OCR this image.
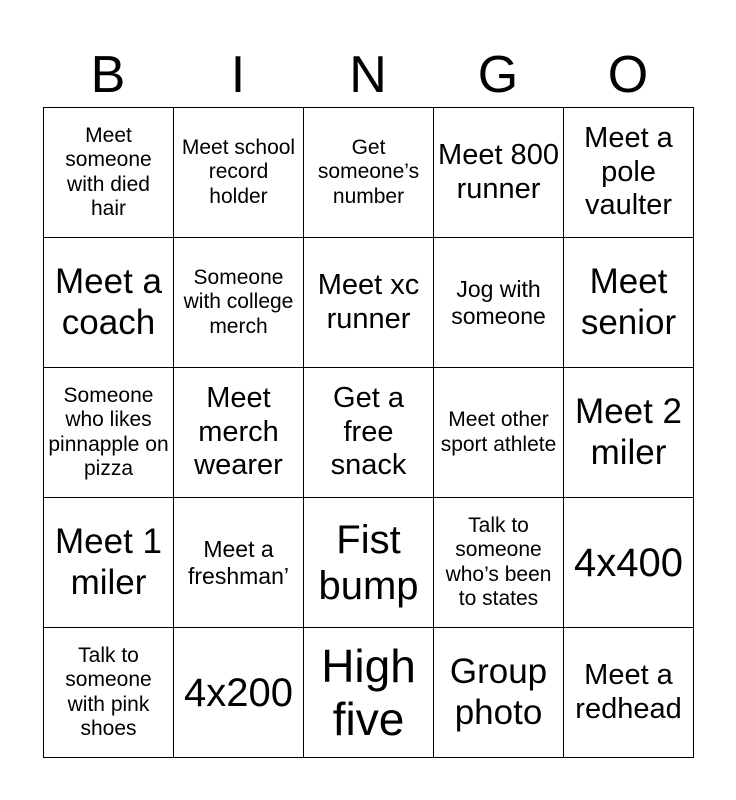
B	I	N	G	O
Meet someone with died hair	Meet school record holder	Get someone’s number	Meet 800 runner	Meet a pole vaulter
Meet a coach	Someone with college merch	Meet xc runner	Jog with someone	Meet senior
Someone who likes pinnapple on pizza	Meet merch wearer	Get a free snack	Meet other sport athlete	Meet 2 miler
Meet 1 miler	Meet a freshman’	Fist bump	Talk to someone who’s been to states	4x400
Talk to someone with pink shoes	4x200	High five	Group photo	Meet a redhead
